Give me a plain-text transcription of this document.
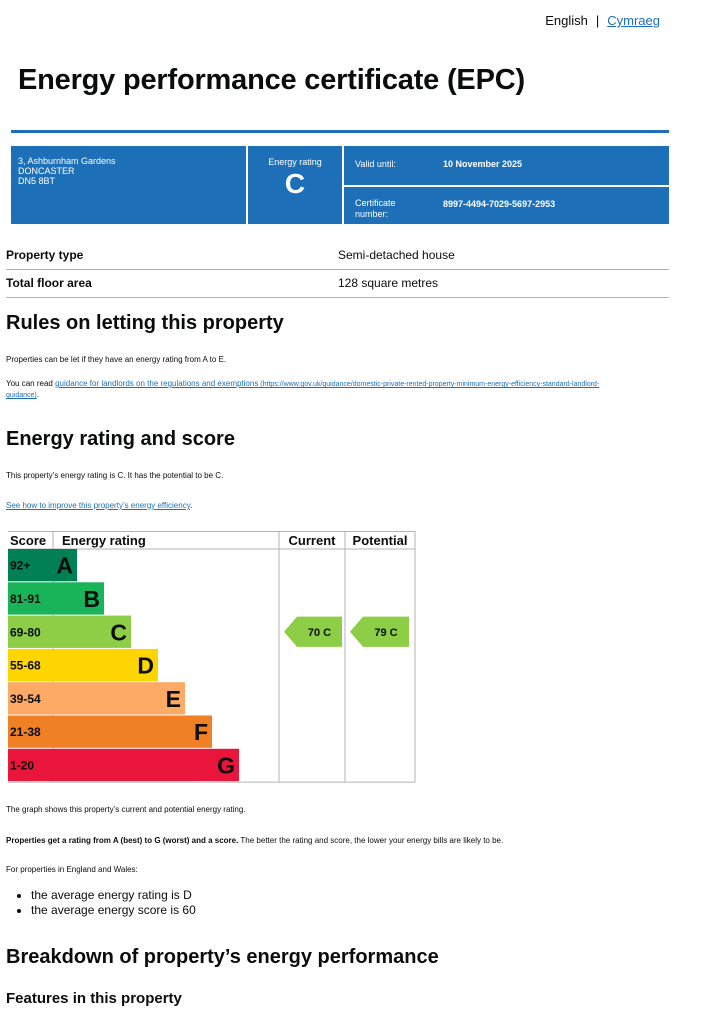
English | Cymraeg
Energy performance certificate (EPC)
3, Ashburnham Gardens
DONCASTER
DN5 8BT
Energy rating
C
Valid until:	10 November 2025
Certificate number:
8997-4494-7029-5697-2953
Property type	Semi-detached house
Total floor area	128 square metres
Rules on letting this property
Properties can be let if they have an energy rating from A to E.
You can read guidance for landlords on the regulations and exemptions (https://www.gov.uk/guidance/domestic-private-rented-property-minimum-energy-efficiency-standard-landlord-
guidance).
Energy rating and score
This property’s energy rating is C. It has the potential to be C.
See how to improve this property’s energy efficiency.
Score Energy rating	Current Potential
92+ A
81-91 B
69-80	C
55-68	D
39-54	E
21-38	F
1-20	G
70 C	79 C
The graph shows this property’s current and potential energy rating.
Properties get a rating from A (best) to G (worst) and a score. The better the rating and score, the lower your energy bills are likely to be.
For properties in England and Wales:
• the average energy rating is D
• the average energy score is 60
Breakdown of property’s energy performance
Features in this property
